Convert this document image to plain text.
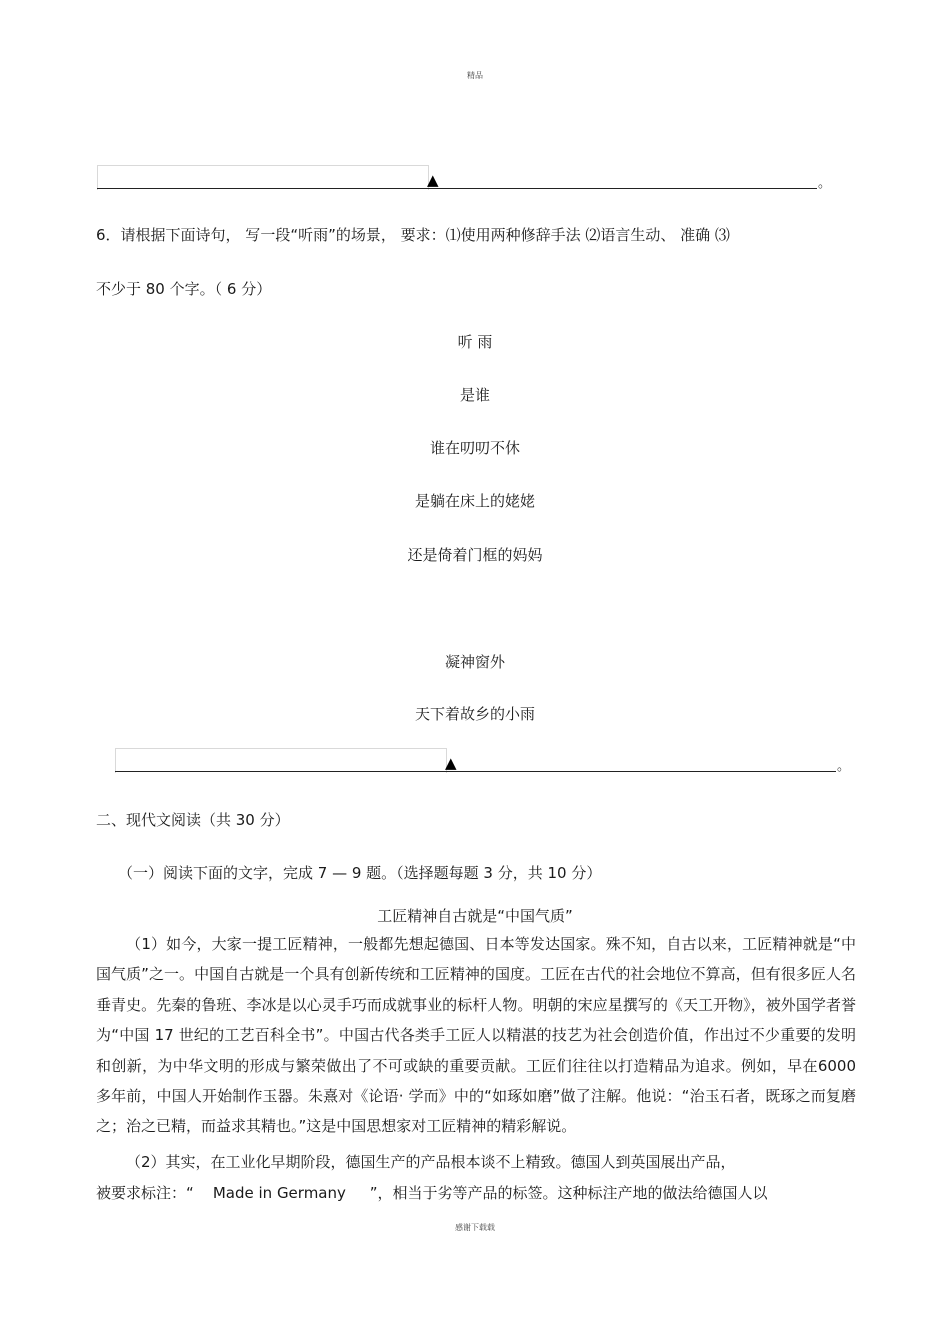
精品
▲	。
6．请根据下面诗句， 写一段“听雨”的场景， 要求：⑴使用两种修辞手法 ⑵语言生动、 准确 ⑶
不少于 80 个字。（ 6 分）
听 雨
是谁
谁在叨叨不休
是躺在床上的姥姥
还是倚着门框的妈妈
凝神窗外
天下着故乡的小雨
▲	。
二、现代文阅读（共 30 分）
（一）阅读下面的文字，完成 7 — 9 题。（选择题每题 3 分，共 10 分）
工匠精神自古就是“中国气质”
（1）如今，大家一提工匠精神，一般都先想起德国、日本等发达国家。殊不知，自古以来，工匠精神就是“中国气质”之一。中国自古就是一个具有创新传统和工匠精神的国度。工匠在古代的社会地位不算高，但有很多匠人名垂青史。先秦的鲁班、李冰是以心灵手巧而成就事业的标杆人物。明朝的宋应星撰写的《天工开物》，被外国学者誉为“中国 17 世纪的工艺百科全书”。中国古代各类手工匠人以精湛的技艺为社会创造价值，作出过不少重要的发明和创新，为中华文明的形成与繁荣做出了不可或缺的重要贡献。工匠们往往以打造精品为追求。例如，早在6000 多年前，中国人开始制作玉器。朱熹对《论语· 学而》中的“如琢如磨”做了注解。他说：“治玉石者，既琢之而复磨之；治之已精，而益求其精也。”这是中国思想家对工匠精神的精彩解说。
（2）其实，在工业化早期阶段，德国生产的产品根本谈不上精致。德国人到英国展出产品，
被要求标注：“    Made in Germany     ”，相当于劣等产品的标签。这种标注产地的做法给德国人以
感谢下载载
